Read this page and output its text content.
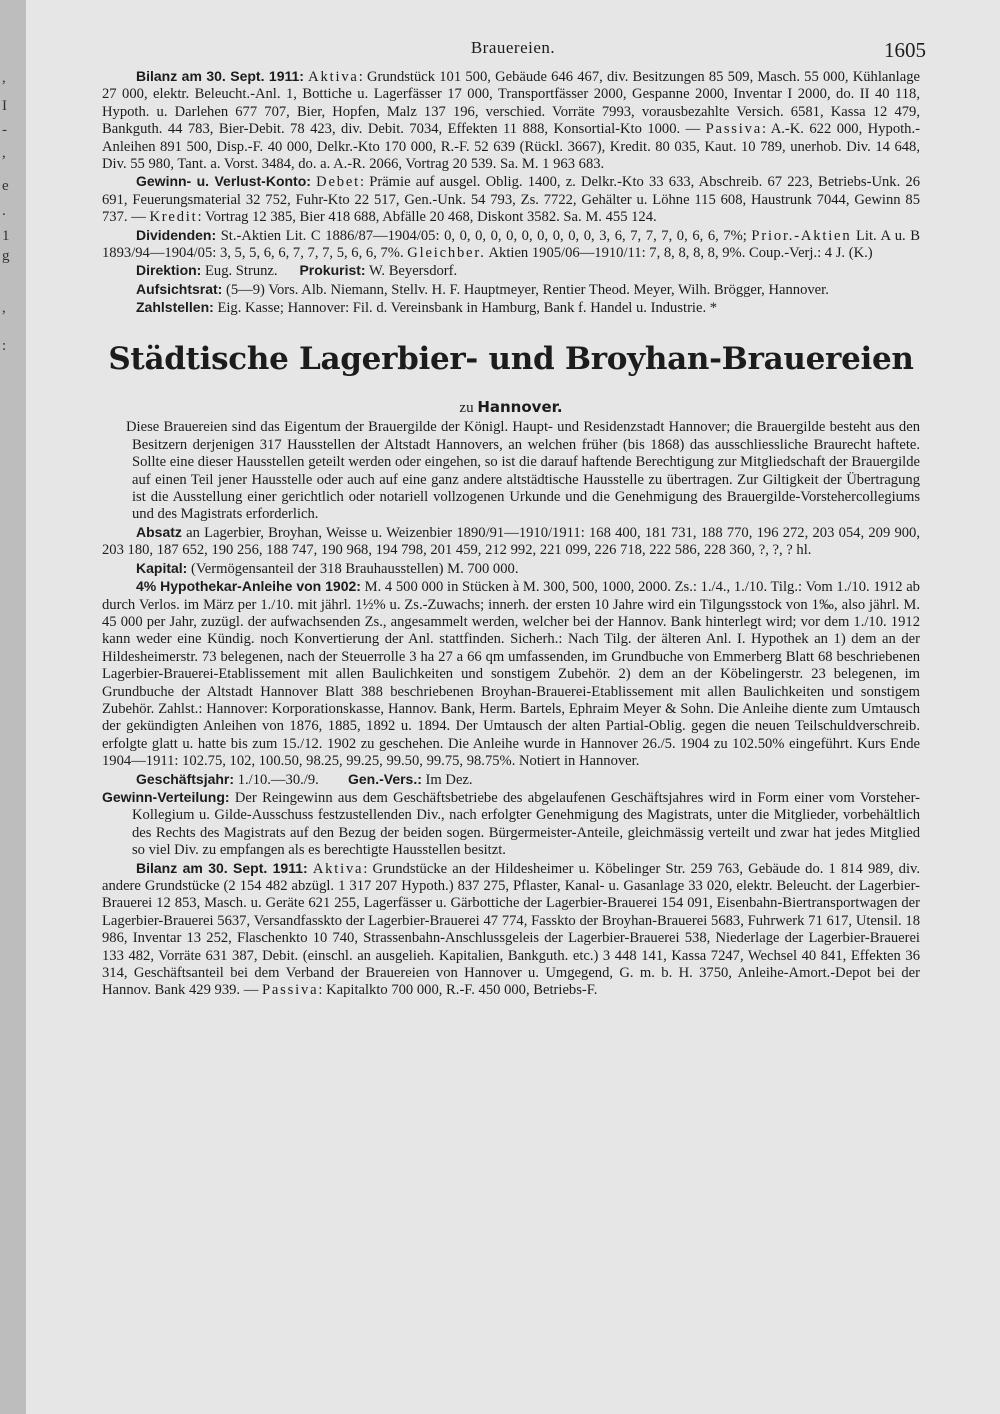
,
I
-
,
e
.
1
g
,
:
Brauereien.	1605

Bilanz am 30. Sept. 1911: Aktiva: Grundstück 101 500, Gebäude 646 467, div. Besitzungen 85 509, Masch. 55 000, Kühlanlage 27 000, elektr. Beleucht.-Anl. 1, Bottiche u. Lagerfässer 17 000, Transportfässer 2000, Gespanne 2000, Inventar I 2000, do. II 40 118, Hypoth. u. Darlehen 677 707, Bier, Hopfen, Malz 137 196, verschied. Vorräte 7993, vorausbezahlte Versich. 6581, Kassa 12 479, Bankguth. 44 783, Bier-Debit. 78 423, div. Debit. 7034, Effekten 11 888, Konsortial-Kto 1000. — Passiva: A.-K. 622 000, Hypoth.-Anleihen 891 500, Disp.-F. 40 000, Delkr.-Kto 170 000, R.-F. 52 639 (Rückl. 3667), Kredit. 80 035, Kaut. 10 789, unerhob. Div. 14 648, Div. 55 980, Tant. a. Vorst. 3484, do. a. A.-R. 2066, Vortrag 20 539. Sa. M. 1 963 683.

Gewinn- u. Verlust-Konto: Debet: Prämie auf ausgel. Oblig. 1400, z. Delkr.-Kto 33 633, Abschreib. 67 223, Betriebs-Unk. 26 691, Feuerungsmaterial 32 752, Fuhr-Kto 22 517, Gen.-Unk. 54 793, Zs. 7722, Gehälter u. Löhne 115 608, Haustrunk 7044, Gewinn 85 737. — Kredit: Vortrag 12 385, Bier 418 688, Abfälle 20 468, Diskont 3582. Sa. M. 455 124.

Dividenden: St.-Aktien Lit. C 1886/87—1904/05: 0, 0, 0, 0, 0, 0, 0, 0, 0, 0, 3, 6, 7, 7, 7, 0, 6, 6, 7%; Prior.-Aktien Lit. A u. B 1893/94—1904/05: 3, 5, 5, 6, 6, 7, 7, 7, 5, 6, 6, 7%. Gleichber. Aktien 1905/06—1910/11: 7, 8, 8, 8, 8, 9%. Coup.-Verj.: 4 J. (K.)

Direktion: Eug. Strunz. Prokurist: W. Beyersdorf.

Aufsichtsrat: (5—9) Vors. Alb. Niemann, Stellv. H. F. Hauptmeyer, Rentier Theod. Meyer, Wilh. Brögger, Hannover.

Zahlstellen: Eig. Kasse; Hannover: Fil. d. Vereinsbank in Hamburg, Bank f. Handel u. Industrie. *

Städtische Lagerbier- und Broyhan-Brauereien
zu Hannover.

Diese Brauereien sind das Eigentum der Brauergilde der Königl. Haupt- und Residenzstadt Hannover; die Brauergilde besteht aus den Besitzern derjenigen 317 Hausstellen der Altstadt Hannovers, an welchen früher (bis 1868) das ausschliessliche Braurecht haftete. Sollte eine dieser Hausstellen geteilt werden oder eingehen, so ist die darauf haftende Berechtigung zur Mitgliedschaft der Brauergilde auf einen Teil jener Hausstelle oder auch auf eine ganz andere altstädtische Hausstelle zu übertragen. Zur Giltigkeit der Übertragung ist die Ausstellung einer gerichtlich oder notariell vollzogenen Urkunde und die Genehmigung des Brauergilde-Vorstehercollegiums und des Magistrats erforderlich.

Absatz an Lagerbier, Broyhan, Weisse u. Weizenbier 1890/91—1910/1911: 168 400, 181 731, 188 770, 196 272, 203 054, 209 900, 203 180, 187 652, 190 256, 188 747, 190 968, 194 798, 201 459, 212 992, 221 099, 226 718, 222 586, 228 360, ?, ?, ? hl.

Kapital: (Vermögensanteil der 318 Brauhausstellen) M. 700 000.

4% Hypothekar-Anleihe von 1902: M. 4 500 000 in Stücken à M. 300, 500, 1000, 2000. Zs.: 1./4., 1./10. Tilg.: Vom 1./10. 1912 ab durch Verlos. im März per 1./10. mit jährl. 1½% u. Zs.-Zuwachs; innerh. der ersten 10 Jahre wird ein Tilgungsstock von 1‰, also jährl. M. 45 000 per Jahr, zuzügl. der aufwachsenden Zs., angesammelt werden, welcher bei der Hannov. Bank hinterlegt wird; vor dem 1./10. 1912 kann weder eine Kündig. noch Konvertierung der Anl. stattfinden. Sicherh.: Nach Tilg. der älteren Anl. I. Hypothek an 1) dem an der Hildesheimerstr. 73 belegenen, nach der Steuerrolle 3 ha 27 a 66 qm umfassenden, im Grundbuche von Emmerberg Blatt 68 beschriebenen Lagerbier-Brauerei-Etablissement mit allen Baulichkeiten und sonstigem Zubehör. 2) dem an der Köbelingerstr. 23 belegenen, im Grundbuche der Altstadt Hannover Blatt 388 beschriebenen Broyhan-Brauerei-Etablissement mit allen Baulichkeiten und sonstigem Zubehör. Zahlst.: Hannover: Korporationskasse, Hannov. Bank, Herm. Bartels, Ephraim Meyer & Sohn. Die Anleihe diente zum Umtausch der gekündigten Anleihen von 1876, 1885, 1892 u. 1894. Der Umtausch der alten Partial-Oblig. gegen die neuen Teilschuldverschreib. erfolgte glatt u. hatte bis zum 15./12. 1902 zu geschehen. Die Anleihe wurde in Hannover 26./5. 1904 zu 102.50% eingeführt. Kurs Ende 1904—1911: 102.75, 102, 100.50, 98.25, 99.25, 99.50, 99.75, 98.75%. Notiert in Hannover.

Geschäftsjahr: 1./10.—30./9. Gen.-Vers.: Im Dez.

Gewinn-Verteilung: Der Reingewinn aus dem Geschäftsbetriebe des abgelaufenen Geschäftsjahres wird in Form einer vom Vorsteher-Kollegium u. Gilde-Ausschuss festzustellenden Div., nach erfolgter Genehmigung des Magistrats, unter die Mitglieder, vorbehältlich des Rechts des Magistrats auf den Bezug der beiden sogen. Bürgermeister-Anteile, gleichmässig verteilt und zwar hat jedes Mitglied so viel Div. zu empfangen als es berechtigte Hausstellen besitzt.

Bilanz am 30. Sept. 1911: Aktiva: Grundstücke an der Hildesheimer u. Köbelinger Str. 259 763, Gebäude do. 1 814 989, div. andere Grundstücke (2 154 482 abzügl. 1 317 207 Hypoth.) 837 275, Pflaster, Kanal- u. Gasanlage 33 020, elektr. Beleucht. der Lagerbier-Brauerei 12 853, Masch. u. Geräte 621 255, Lagerfässer u. Gärbottiche der Lagerbier-Brauerei 154 091, Eisenbahn-Biertransportwagen der Lagerbier-Brauerei 5637, Versandfasskto der Lagerbier-Brauerei 47 774, Fasskto der Broyhan-Brauerei 5683, Fuhrwerk 71 617, Utensil. 18 986, Inventar 13 252, Flaschenkto 10 740, Strassenbahn-Anschlussgeleis der Lagerbier-Brauerei 538, Niederlage der Lagerbier-Brauerei 133 482, Vorräte 631 387, Debit. (einschl. an ausgelieh. Kapitalien, Bankguth. etc.) 3 448 141, Kassa 7247, Wechsel 40 841, Effekten 36 314, Geschäftsanteil bei dem Verband der Brauereien von Hannover u. Umgegend, G. m. b. H. 3750, Anleihe-Amort.-Depot bei der Hannov. Bank 429 939. — Passiva: Kapitalkto 700 000, R.-F. 450 000, Betriebs-F.
